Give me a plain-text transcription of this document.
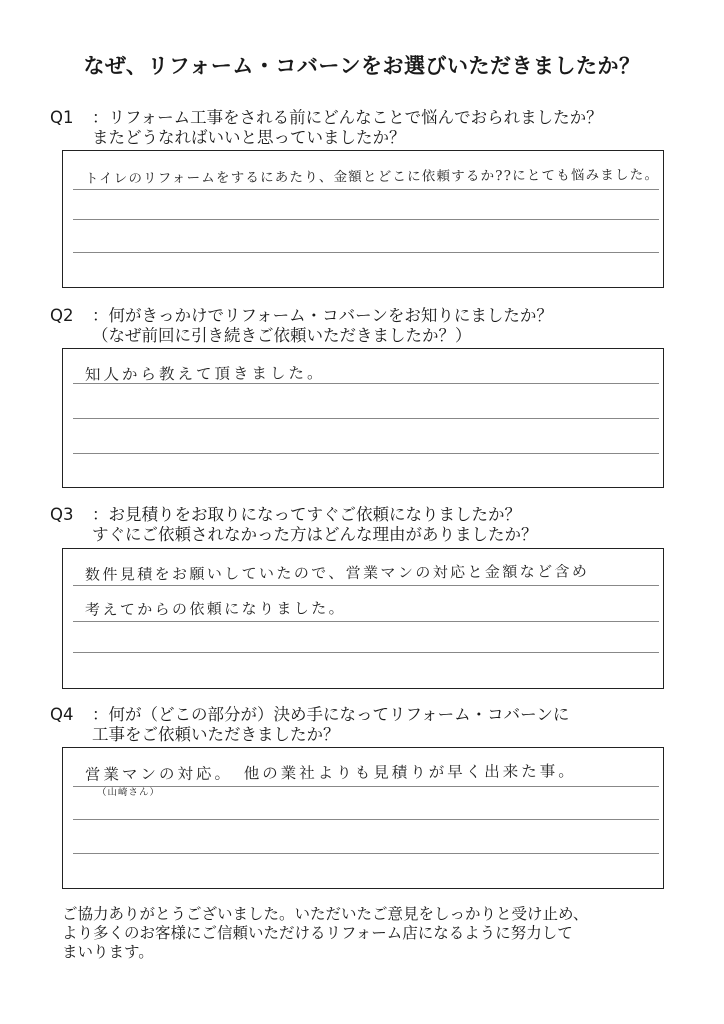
なぜ、リフォーム・コバーンをお選びいただきましたか？
Q1 ：リフォーム工事をされる前にどんなことで悩んでおられましたか？
またどうなればいいと思っていましたか？
トイレのリフォームをするにあたり、金額とどこに依頼するか??にとても悩みました。
Q2 ：何がきっかけでリフォーム・コバーンをお知りにましたか？
（なぜ前回に引き続きご依頼いただきましたか？）
知人から教えて頂きました。
Q3 ：お見積りをお取りになってすぐご依頼になりましたか？
すぐにご依頼されなかった方はどんな理由がありましたか？
数件見積をお願いしていたので、営業マンの対応と金額など含め
考えてからの依頼になりました。
Q4 ：何が（どこの部分が）決め手になってリフォーム・コバーンに
工事をご依頼いただきましたか？
営業マンの対応。　他の業社よりも見積りが早く出来た事。
（山崎さん）
ご協力ありがとうございました。いただいたご意見をしっかりと受け止め、
より多くのお客様にご信頼いただけるリフォーム店になるように努力して
まいります。
